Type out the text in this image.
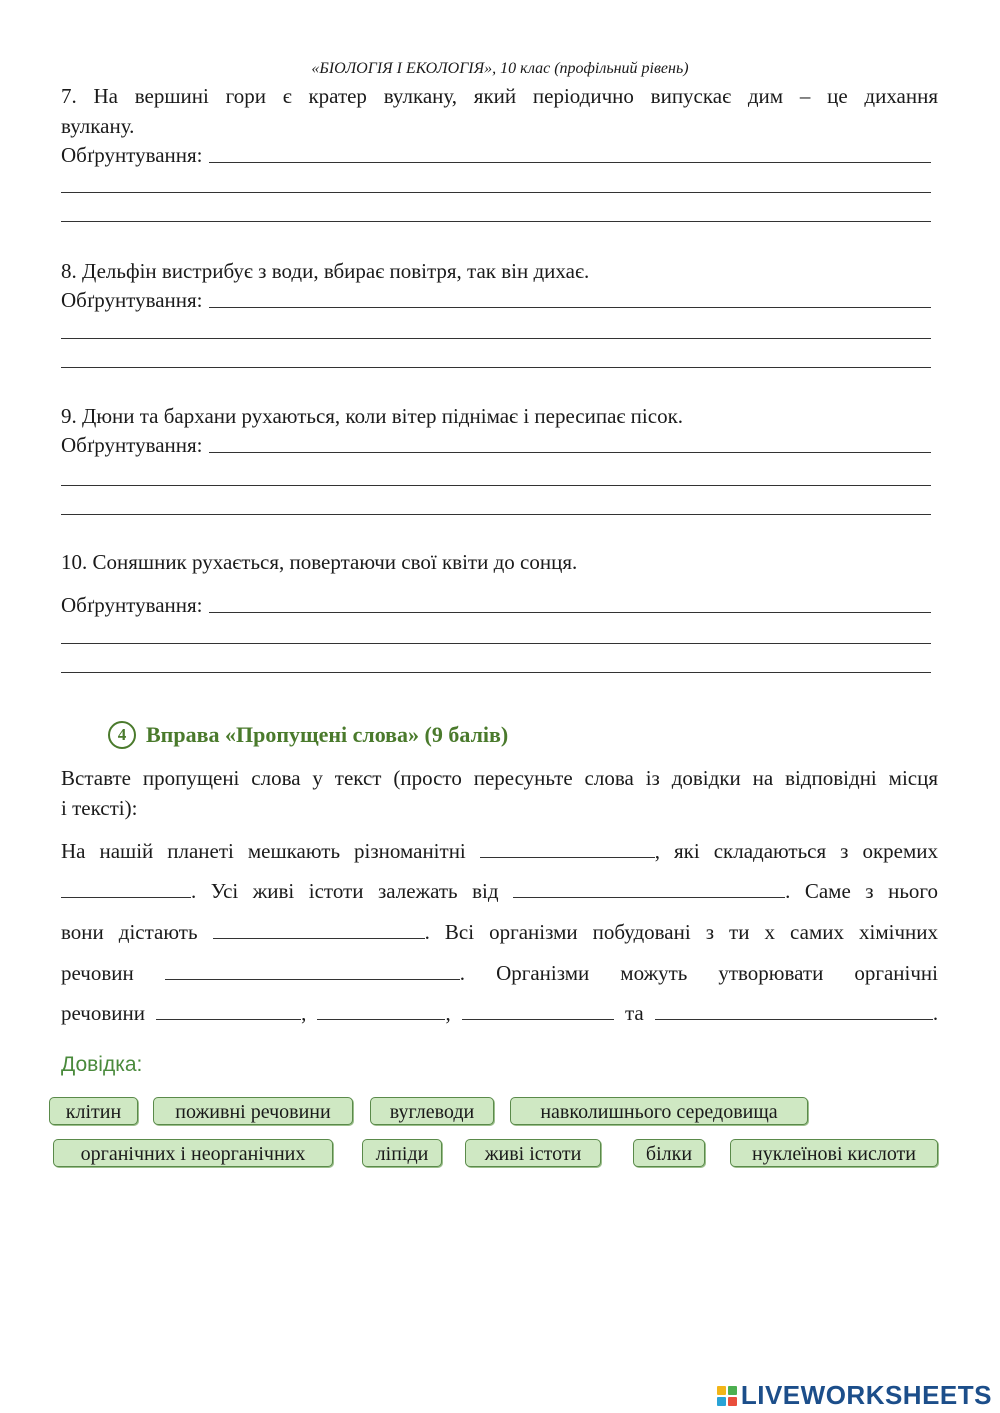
«БІОЛОГІЯ І ЕКОЛОГІЯ», 10 клас (профільний рівень)
7. На вершині гори є кратер вулкану, який періодично випускає дим – це дихання
вулкану.
Обґрунтування:
8. Дельфін вистрибує з води, вбирає повітря, так він дихає.
Обґрунтування:
9. Дюни та бархани рухаються, коли вітер піднімає і пересипає пісок.
Обґрунтування:
10. Соняшник рухається, повертаючи свої квіти до сонця.
Обґрунтування:
4 Вправа «Пропущені слова» (9 балів)
Вставте пропущені слова у текст (просто пересуньте слова із довідки на відповідні місця
і тексті):
На нашій планеті мешкають різноманітні	, які складаються з окремих
. Усі живі істоти залежать від	. Саме з нього
вони дістають	. Всі організми побудовані з ти х самих хімічних
речовин	. Організми можуть утворювати органічні
речовини	,	,	та	.
Довідка:
клітин	поживні речовини	вуглеводи	навколишнього середовища
органічних і неорганічних	ліпіди	живі істоти	білки	нуклеїнові кислоти
LIVEWORKSHEETS
